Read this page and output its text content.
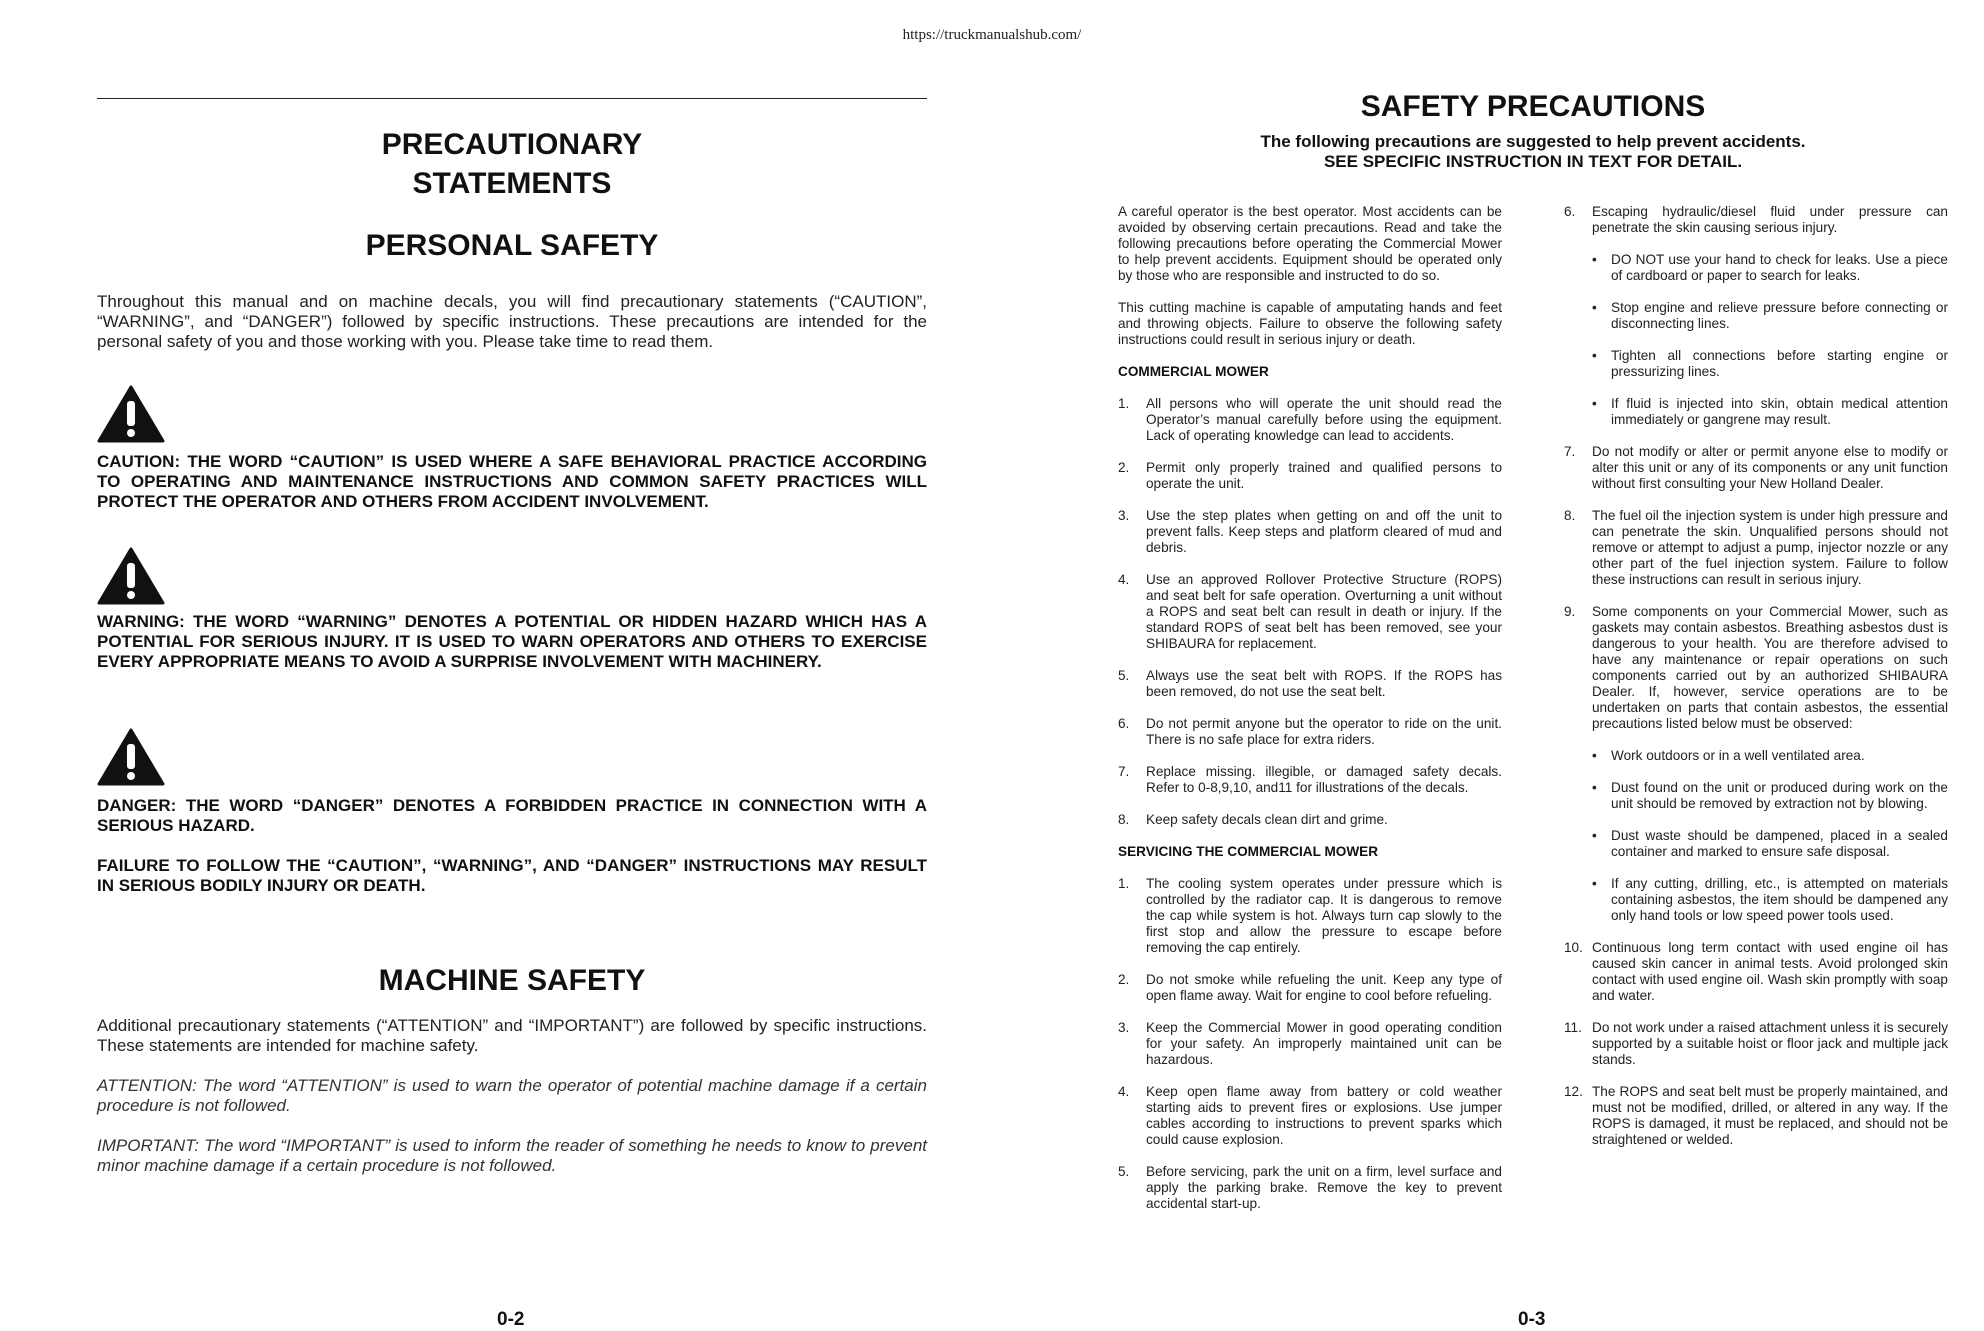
https://truckmanualshub.com/
PRECAUTIONARY
STATEMENTS
PERSONAL SAFETY

Throughout this manual and on machine decals, you will find precautionary statements (“CAUTION”, “WARNING”, and “DANGER”) followed by specific instructions. These precautions are intended for the personal safety of you and those working with you. Please take time to read them.

CAUTION: THE WORD “CAUTION” IS USED WHERE A SAFE BEHAVIORAL PRACTICE ACCORDING TO OPERATING AND MAINTENANCE INSTRUCTIONS AND COMMON SAFETY PRACTICES WILL PROTECT THE OPERATOR AND OTHERS FROM ACCIDENT INVOLVEMENT.

WARNING: THE WORD “WARNING” DENOTES A POTENTIAL OR HIDDEN HAZARD WHICH HAS A POTENTIAL FOR SERIOUS INJURY. IT IS USED TO WARN OPERATORS AND OTHERS TO EXERCISE EVERY APPROPRIATE MEANS TO AVOID A SURPRISE INVOLVEMENT WITH MACHINERY.

DANGER: THE WORD “DANGER” DENOTES A FORBIDDEN PRACTICE IN CONNECTION WITH A SERIOUS HAZARD.

FAILURE TO FOLLOW THE “CAUTION”, “WARNING”, AND “DANGER” INSTRUCTIONS MAY RESULT IN SERIOUS BODILY INJURY OR DEATH.

MACHINE SAFETY

Additional precautionary statements (“ATTENTION” and “IMPORTANT”) are followed by specific instructions. These statements are intended for machine safety.

ATTENTION: The word “ATTENTION” is used to warn the operator of potential machine damage if a certain procedure is not followed.

IMPORTANT: The word “IMPORTANT” is used to inform the reader of something he needs to know to prevent minor machine damage if a certain procedure is not followed.

0-2
SAFETY PRECAUTIONS

The following precautions are suggested to help prevent accidents.

SEE SPECIFIC INSTRUCTION IN TEXT FOR DETAIL.

A careful operator is the best operator. Most accidents can be avoided by observing certain precautions. Read and take the following precautions before operating the Commercial Mower to help prevent accidents. Equipment should be operated only by those who are responsible and instructed to do so.

This cutting machine is capable of amputating hands and feet and throwing objects. Failure to observe the following safety instructions could result in serious injury or death.

COMMERCIAL MOWER
1.	All persons who will operate the unit should read the Operator’s manual carefully before using the equipment. Lack of operating knowledge can lead to accidents.
2.	Permit only properly trained and qualified persons to operate the unit.
3.	Use the step plates when getting on and off the unit to prevent falls. Keep steps and platform cleared of mud and debris.
4.	Use an approved Rollover Protective Structure (ROPS) and seat belt for safe operation. Overturning a unit without a ROPS and seat belt can result in death or injury. If the standard ROPS of seat belt has been removed, see your SHIBAURA for replacement.
5.	Always use the seat belt with ROPS. If the ROPS has been removed, do not use the seat belt.
6.	Do not permit anyone but the operator to ride on the unit. There is no safe place for extra riders.
7.	Replace missing. illegible, or damaged safety decals. Refer to 0-8,9,10, and11 for illustrations of the decals.
8.	Keep safety decals clean dirt and grime.
SERVICING THE COMMERCIAL MOWER
1.	The cooling system operates under pressure which is controlled by the radiator cap. It is dangerous to remove the cap while system is hot. Always turn cap slowly to the first stop and allow the pressure to escape before removing the cap entirely.
2.	Do not smoke while refueling the unit. Keep any type of open flame away. Wait for engine to cool before refueling.
3.	Keep the Commercial Mower in good operating condition for your safety. An improperly maintained unit can be hazardous.
4.	Keep open flame away from battery or cold weather starting aids to prevent fires or explosions. Use jumper cables according to instructions to prevent sparks which could cause explosion.
5.	Before servicing, park the unit on a firm, level surface and apply the parking brake. Remove the key to prevent accidental start-up.
6.	Escaping hydraulic/diesel fluid under pressure can penetrate the skin causing serious injury.
•	DO NOT use your hand to check for leaks. Use a piece of cardboard or paper to search for leaks.
•	Stop engine and relieve pressure before connecting or disconnecting lines.
•	Tighten all connections before starting engine or pressurizing lines.
•	If fluid is injected into skin, obtain medical attention immediately or gangrene may result.
7.	Do not modify or alter or permit anyone else to modify or alter this unit or any of its components or any unit function without first consulting your New Holland Dealer.
8.	The fuel oil the injection system is under high pressure and can penetrate the skin. Unqualified persons should not remove or attempt to adjust a pump, injector nozzle or any other part of the fuel injection system. Failure to follow these instructions can result in serious injury.
9.	Some components on your Commercial Mower, such as gaskets may contain asbestos. Breathing asbestos dust is dangerous to your health. You are therefore advised to have any maintenance or repair operations on such components carried out by an authorized SHIBAURA Dealer. If, however, service operations are to be undertaken on parts that contain asbestos, the essential precautions listed below must be observed:
•	Work outdoors or in a well ventilated area.
•	Dust found on the unit or produced during work on the unit should be removed by extraction not by blowing.
•	Dust waste should be dampened, placed in a sealed container and marked to ensure safe disposal.
•	If any cutting, drilling, etc., is attempted on materials containing asbestos, the item should be dampened any only hand tools or low speed power tools used.
10. Continuous long term contact with used engine oil has caused skin cancer in animal tests. Avoid prolonged skin contact with used engine oil. Wash skin promptly with soap and water.
11. Do not work under a raised attachment unless it is securely supported by a suitable hoist or floor jack and multiple jack stands.
12. The ROPS and seat belt must be properly maintained, and must not be modified, drilled, or altered in any way. If the ROPS is damaged, it must be replaced, and should not be straightened or welded.
0-3
